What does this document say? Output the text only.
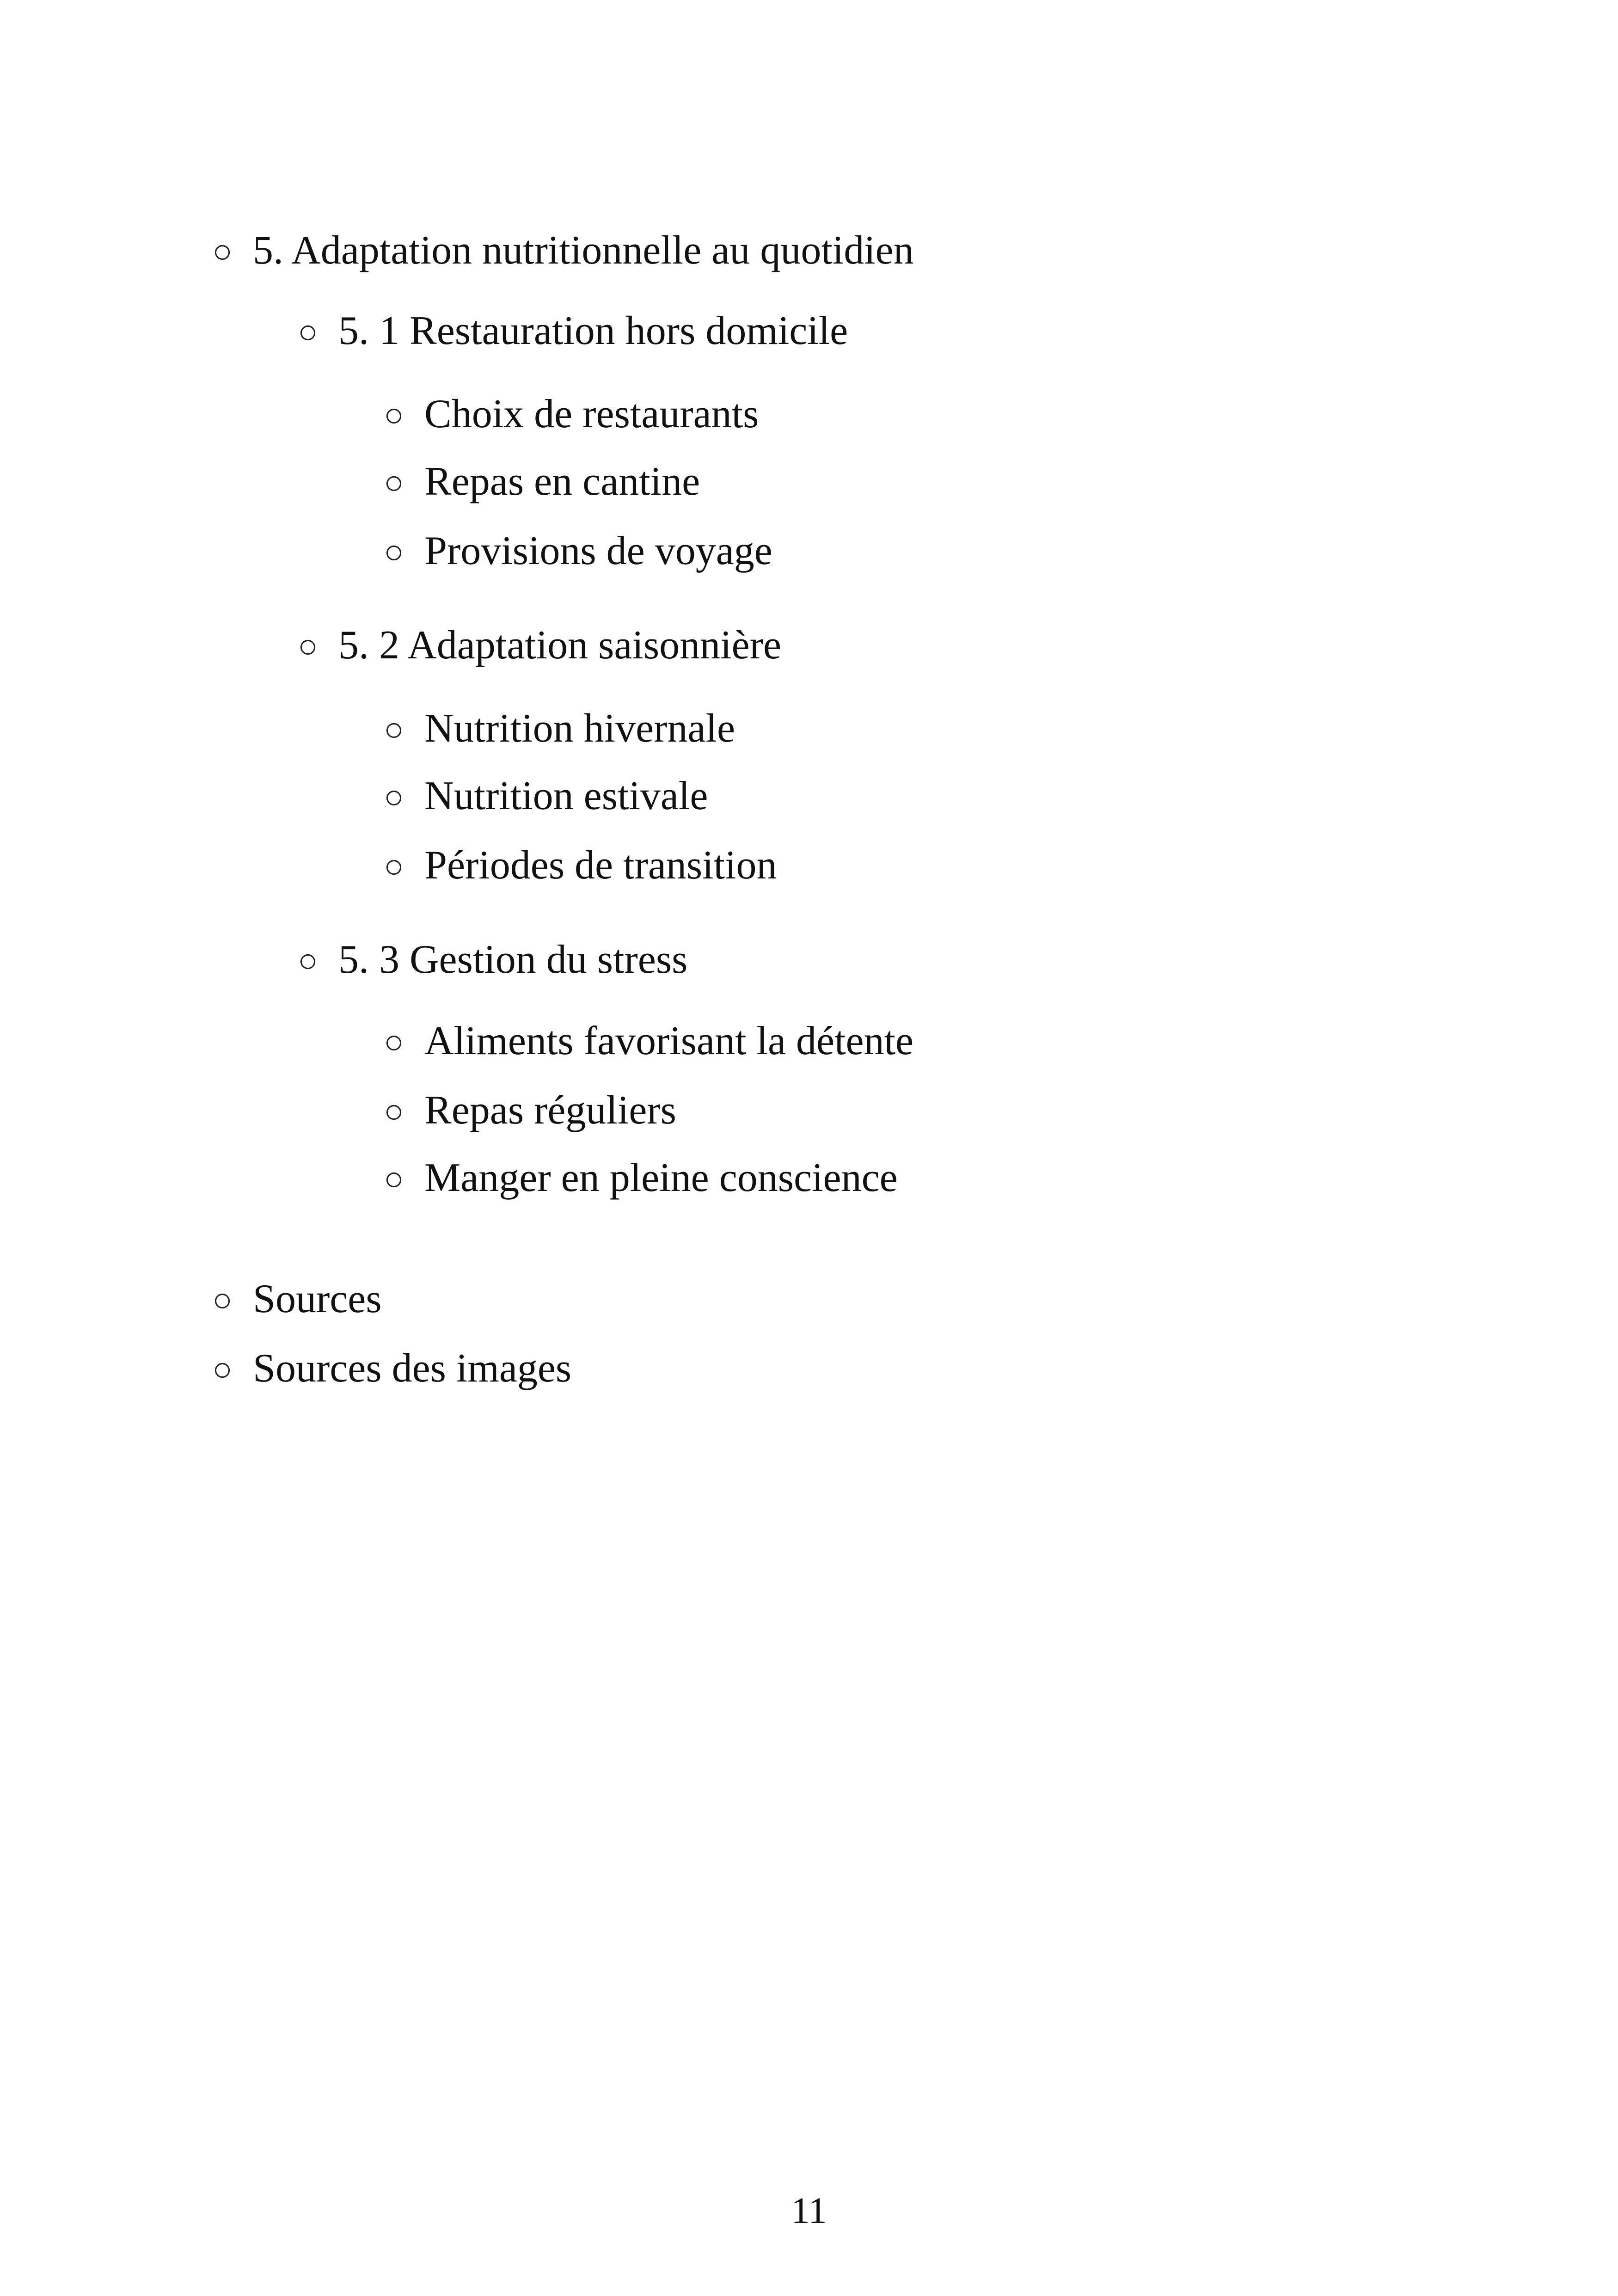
5. Adaptation nutritionnelle au quotidien
5. 1 Restauration hors domicile
Choix de restaurants
Repas en cantine
Provisions de voyage
5. 2 Adaptation saisonnière
Nutrition hivernale
Nutrition estivale
Périodes de transition
5. 3 Gestion du stress
Aliments favorisant la détente
Repas réguliers
Manger en pleine conscience
Sources
Sources des images
11
